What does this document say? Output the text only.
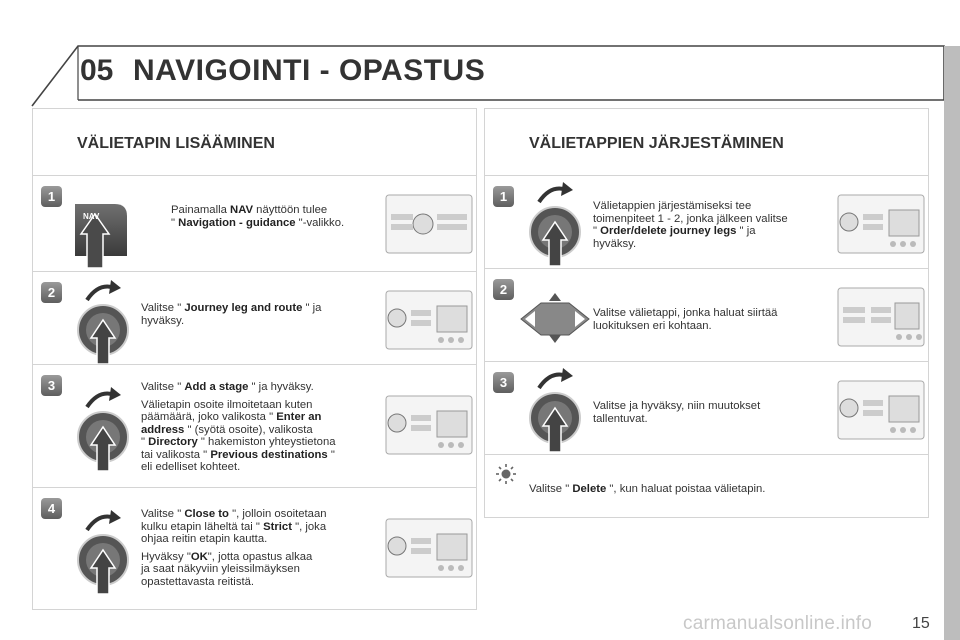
05 NAVIGOINTI - OPASTUS
VÄLIETAPIN LISÄÄMINEN
1
NAV
Painamalla NAV näyttöön tulee
" Navigation - guidance "-valikko.
2
Valitse " Journey leg and route " ja
hyväksy.
3	Valitse " Add a stage " ja hyväksy.

Välietapin osoite ilmoitetaan kuten
päämäärä, joko valikosta " Enter an
address " (syötä osoite), valikosta
" Directory " hakemiston yhteystietona
tai valikosta " Previous destinations "
eli edelliset kohteet.

4	Valitse " Close to ", jolloin osoitetaan
kulku etapin läheltä tai " Strict ", joka
ohjaa reitin etapin kautta.

Hyväksy "OK", jotta opastus alkaa
ja saat näkyviin yleissilmäyksen
opastettavasta reitistä.

VÄLIETAPPIEN JÄRJESTÄMINEN
1
Välietappien järjestämiseksi tee
toimenpiteet 1 - 2, jonka jälkeen valitse
" Order/delete journey legs " ja
hyväksy.
2
Valitse välietappi, jonka haluat siirtää
luokituksen eri kohtaan.
3
Valitse ja hyväksy, niin muutokset
tallentuvat.
Valitse " Delete ", kun haluat poistaa välietapin.
carmanualsonline.info 15
